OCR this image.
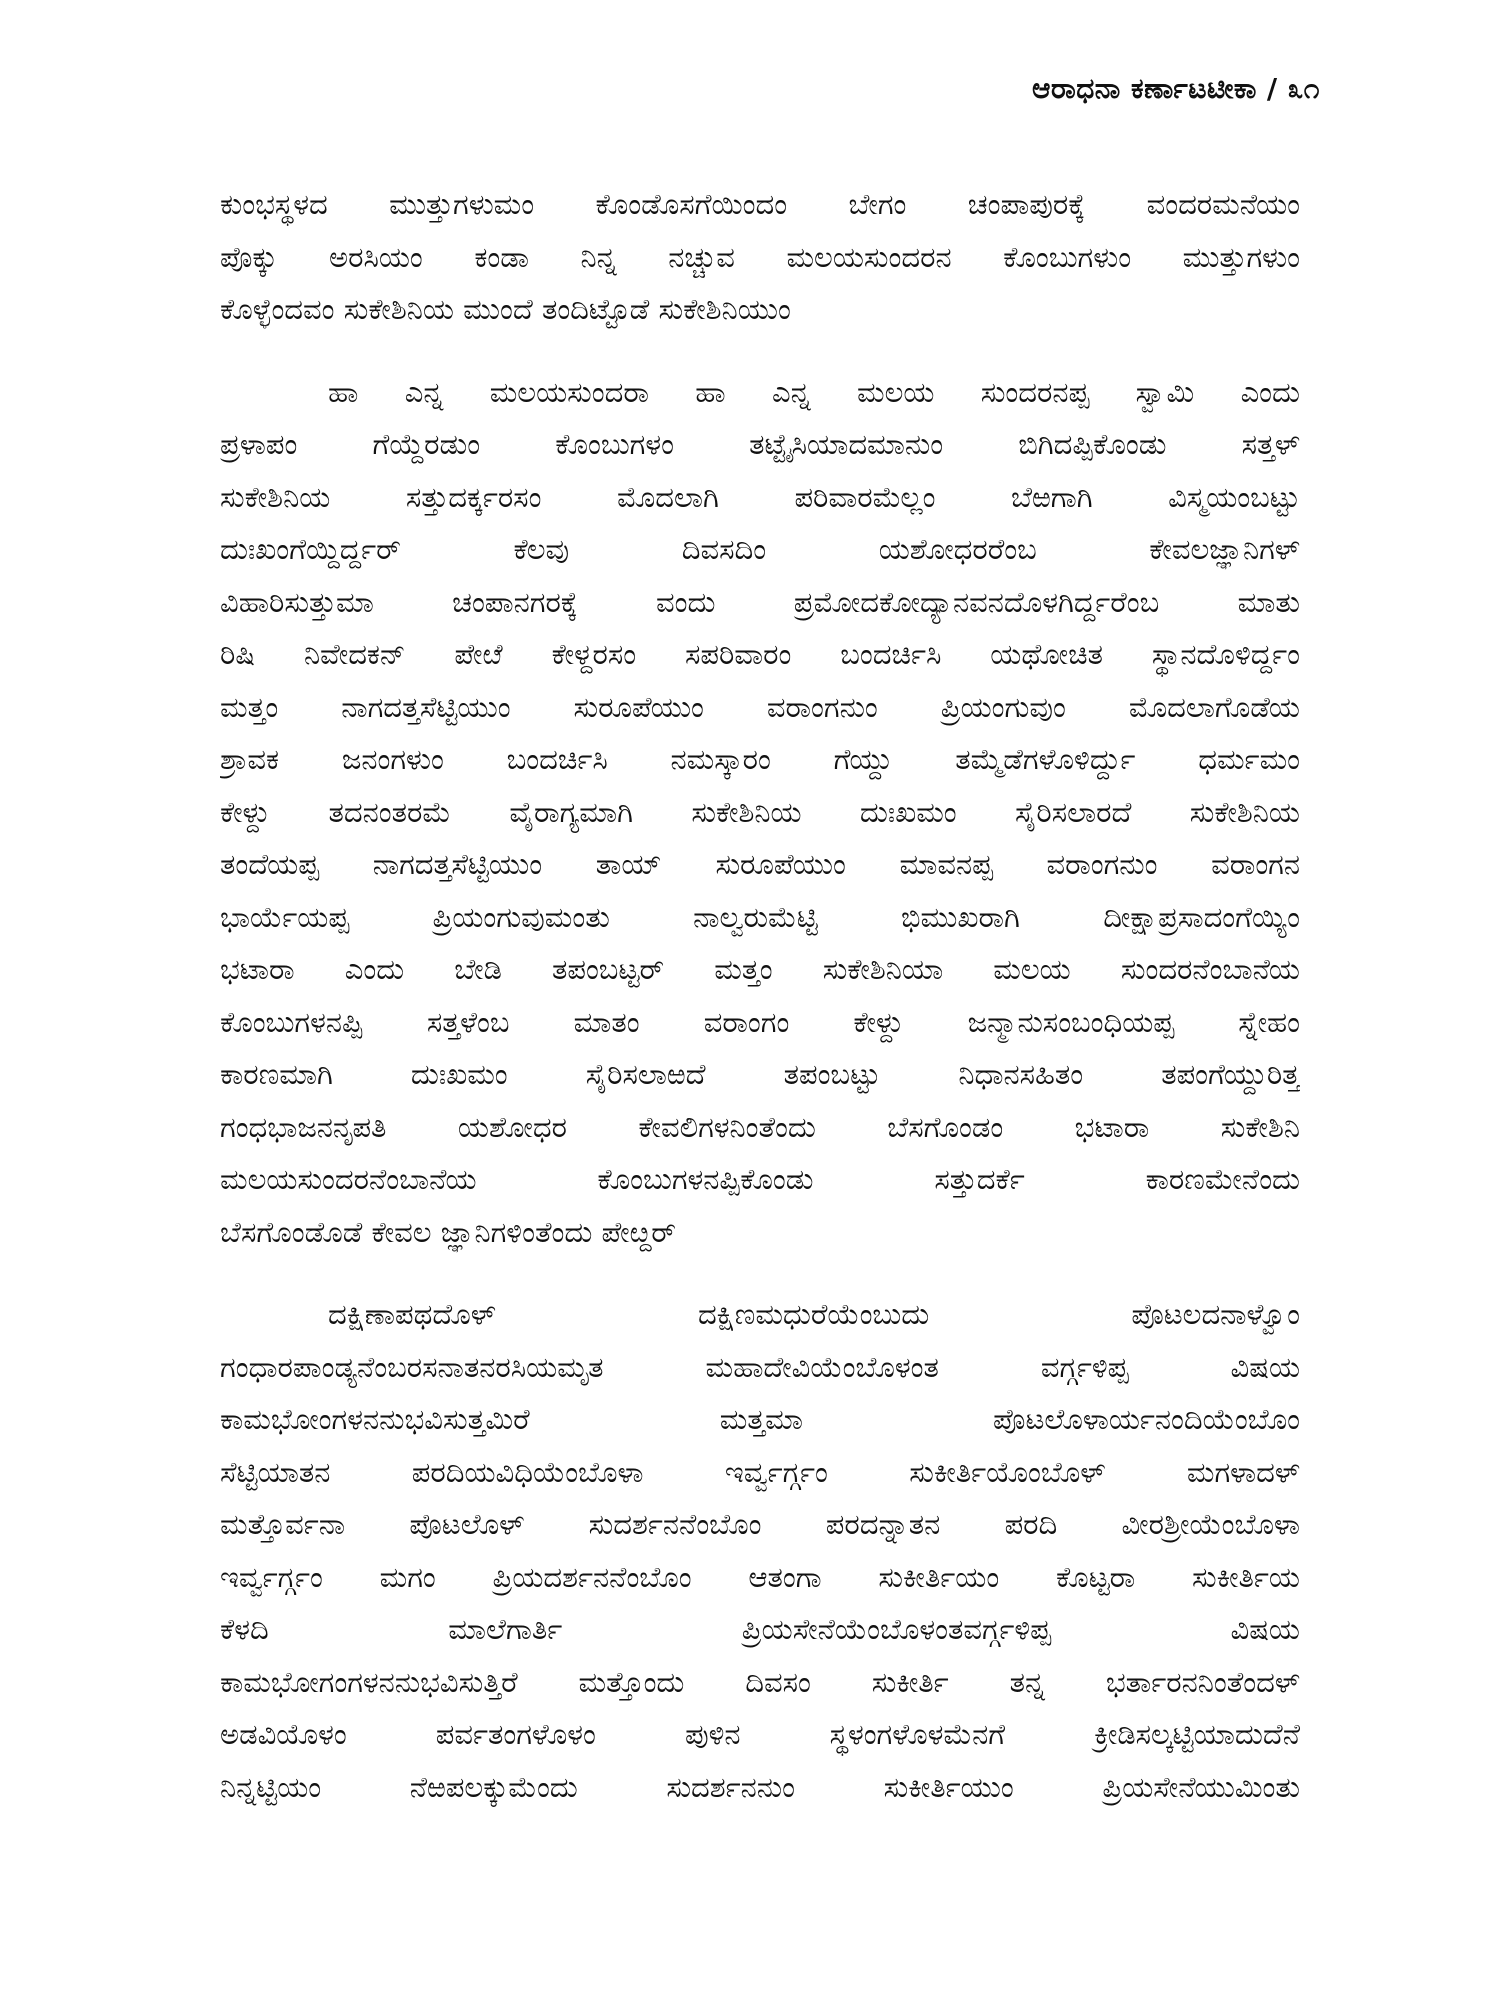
ಆರಾಧನಾ ಕರ್ಣಾಟಟೀಕಾ / ೩೧
ಕುಂಭಸ್ಥಳದ ಮುತ್ತುಗಳುಮಂ ಕೊಂಡೊಸಗೆಯಿಂದಂ ಬೇಗಂ ಚಂಪಾಪುರಕ್ಕೆ ವಂದರಮನೆಯಂ
ಪೊಕ್ಕು ಅರಸಿಯಂ ಕಂಡಾ ನಿನ್ನ ನಚ್ಚುವ ಮಲಯಸುಂದರನ ಕೊಂಬುಗಳುಂ ಮುತ್ತುಗಳುಂ
ಕೊಳ್ಳೆಂದವಂ ಸುಕೇಶಿನಿಯ ಮುಂದೆ ತಂದಿಟ್ಟೊಡೆ ಸುಕೇಶಿನಿಯುಂ
ಹಾ ಎನ್ನ ಮಲಯಸುಂದರಾ ಹಾ ಎನ್ನ ಮಲಯ ಸುಂದರನಪ್ಪ ಸ್ವಾಮಿ ಎಂದು
ಪ್ರಳಾಪಂ ಗೆಯ್ದೆರಡುಂ ಕೊಂಬುಗಳಂ ತಟ್ಟೈಸಿಯಾದಮಾನುಂ ಬಿಗಿದಪ್ಪಿಕೊಂಡು ಸತ್ತಳ್
ಸುಕೇಶಿನಿಯ ಸತ್ತುದರ್ಕ್ಕರಸಂ ಮೊದಲಾಗಿ ಪರಿವಾರಮೆಲ್ಲಂ ಬೆಱಗಾಗಿ ವಿಸ್ಮಯಂಬಟ್ಟು
ದುಃಖಂಗೆಯ್ದಿರ್ದ್ದರ್ ಕೆಲವು ದಿವಸದಿಂ ಯಶೋಧರರೆಂಬ ಕೇವಲಜ್ಞಾನಿಗಳ್
ವಿಹಾರಿಸುತ್ತುಮಾ ಚಂಪಾನಗರಕ್ಕೆ ವಂದು ಪ್ರಮೋದಕೋದ್ಯಾನವನದೊಳಗಿರ್ದ್ದರೆಂಬ ಮಾತು
ರಿಷಿ ನಿವೇದಕನ್ ಪೇೞೆ ಕೇಳ್ದರಸಂ ಸಪರಿವಾರಂ ಬಂದರ್ಚಿಸಿ ಯಥೋಚಿತ ಸ್ಥಾನದೊಳಿರ್ದ್ದಂ
ಮತ್ತಂ ನಾಗದತ್ತಸೆಟ್ಟಿಯುಂ ಸುರೂಪೆಯುಂ ವರಾಂಗನುಂ ಪ್ರಿಯಂಗುವುಂ ಮೊದಲಾಗೊಡೆಯ
ಶ್ರಾವಕ ಜನಂಗಳುಂ ಬಂದರ್ಚಿಸಿ ನಮಸ್ಕಾರಂ ಗೆಯ್ದು ತಮ್ಮೆಡೆಗಳೊಳಿರ್ದ್ದು ಧರ್ಮಮಂ
ಕೇಳ್ದು ತದನಂತರಮೆ ವೈರಾಗ್ಯಮಾಗಿ ಸುಕೇಶಿನಿಯ ದುಃಖಮಂ ಸೈರಿಸಲಾರದೆ ಸುಕೇಶಿನಿಯ
ತಂದೆಯಪ್ಪ ನಾಗದತ್ತಸೆಟ್ಟಿಯುಂ ತಾಯ್ ಸುರೂಪೆಯುಂ ಮಾವನಪ್ಪ ವರಾಂಗನುಂ ವರಾಂಗನ
ಭಾರ್ಯೆಯಪ್ಪ ಪ್ರಿಯಂಗುವುಮಂತು ನಾಲ್ವರುಮೆಟ್ಟಿ ಭಿಮುಖರಾಗಿ ದೀಕ್ಷಾಪ್ರಸಾದಂಗೆಯ್ಯಿಂ
ಭಟಾರಾ ಎಂದು ಬೇಡಿ ತಪಂಬಟ್ಟರ್ ಮತ್ತಂ ಸುಕೇಶಿನಿಯಾ ಮಲಯ ಸುಂದರನೆಂಬಾನೆಯ
ಕೊಂಬುಗಳನಪ್ಪಿ ಸತ್ತಳೆಂಬ ಮಾತಂ ವರಾಂಗಂ ಕೇಳ್ದು ಜನ್ಮಾನುಸಂಬಂಧಿಯಪ್ಪ ಸ್ನೇಹಂ
ಕಾರಣಮಾಗಿ ದುಃಖಮಂ ಸೈರಿಸಲಾಱದೆ ತಪಂಬಟ್ಟು ನಿಧಾನಸಹಿತಂ ತಪಂಗೆಯ್ದುರಿತ್ತ
ಗಂಧಭಾಜನನೃಪತಿ ಯಶೋಧರ ಕೇವಲಿಗಳನಿಂತೆಂದು ಬೆಸಗೊಂಡಂ ಭಟಾರಾ ಸುಕೇಶಿನಿ
ಮಲಯಸುಂದರನೆಂಬಾನೆಯ ಕೊಂಬುಗಳನಪ್ಪಿಕೊಂಡು ಸತ್ತುದರ್ಕೆ ಕಾರಣಮೇನೆಂದು
ಬೆಸಗೊಂಡೊಡೆ ಕೇವಲ ಜ್ಞಾನಿಗಳಿಂತೆಂದು ಪೇೞ್ದರ್
ದಕ್ಷಿಣಾಪಥದೊಳ್ ದಕ್ಷಿಣಮಧುರೆಯೆಂಬುದು ಪೊಟಲದನಾಳ್ವೊಂ
ಗಂಧಾರಪಾಂಡ್ಯನೆಂಬರಸನಾತನರಸಿಯಮೃತ ಮಹಾದೇವಿಯೆಂಬೊಳಂತ ವರ್ಗ್ಗಳಿಪ್ಪ ವಿಷಯ
ಕಾಮಭೋಂಗಳನನುಭವಿಸುತ್ತಮಿರೆ ಮತ್ತಮಾ ಪೊಟಲೊಳಾರ್ಯನಂದಿಯೆಂಬೊಂ
ಸೆಟ್ಟಿಯಾತನ ಪರದಿಯವಿಧಿಯೆಂಬೊಳಾ ಇರ್ವ್ವರ್ಗ್ಗಂ ಸುಕೀರ್ತಿಯೊಂಬೊಳ್ ಮಗಳಾದಳ್
ಮತ್ತೊರ್ವನಾ ಪೊಟಲೊಳ್ ಸುದರ್ಶನನೆಂಬೊಂ ಪರದನ್ನಾತನ ಪರದಿ ವೀರಶ್ರೀಯೆಂಬೊಳಾ
ಇರ್ವ್ವರ್ಗ್ಗಂ ಮಗಂ ಪ್ರಿಯದರ್ಶನನೆಂಬೊಂ ಆತಂಗಾ ಸುಕೀರ್ತಿಯಂ ಕೊಟ್ಟರಾ ಸುಕೀರ್ತಿಯ
ಕೆಳದಿ ಮಾಲೆಗಾರ್ತಿ ಪ್ರಿಯಸೇನೆಯೆಂಬೊಳಂತವರ್ಗ್ಗಳಿಪ್ಪ ವಿಷಯ
ಕಾಮಭೋಗಂಗಳನನುಭವಿಸುತ್ತಿರೆ ಮತ್ತೊಂದು ದಿವಸಂ ಸುಕೀರ್ತಿ ತನ್ನ ಭರ್ತಾರನನಿಂತೆಂದಳ್
ಅಡವಿಯೊಳಂ ಪರ್ವತಂಗಳೊಳಂ ಪುಳಿನ ಸ್ಥಳಂಗಳೊಳಮೆನಗೆ ಕ್ರೀಡಿಸಲ್ಕಟ್ಟಿಯಾದುದೆನೆ
ನಿನ್ನಟ್ಟಿಯಂ ನೆಱಪಲಕ್ಕುಮೆಂದು ಸುದರ್ಶನನುಂ ಸುಕೀರ್ತಿಯುಂ ಪ್ರಿಯಸೇನೆಯುಮಿಂತು
